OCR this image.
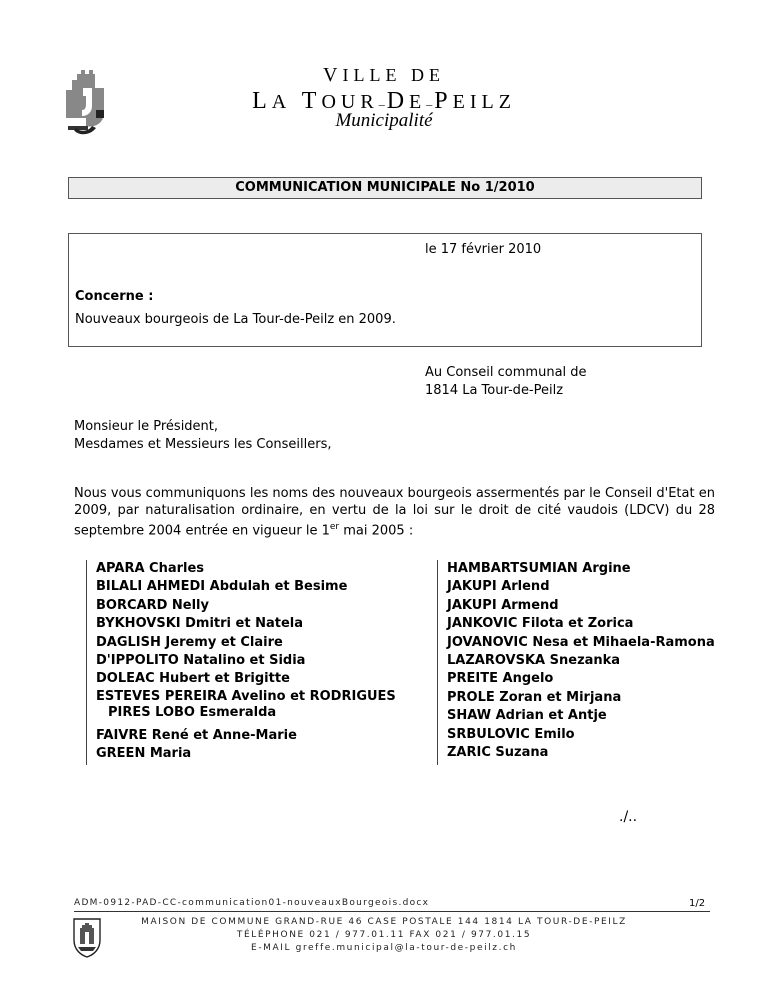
VILLE DE
LA TOUR–DE–PEILZ
Municipalité
COMMUNICATION MUNICIPALE No 1/2010
le 17 février 2010
Concerne :
Nouveaux bourgeois de La Tour-de-Peilz en 2009.
Au Conseil communal de
1814 La Tour-de-Peilz
Monsieur le Président,
Mesdames et Messieurs les Conseillers,
Nous vous communiquons les noms des nouveaux bourgeois assermentés par le Conseil d'Etat en 2009, par naturalisation ordinaire, en vertu de la loi sur le droit de cité vaudois (LDCV) du 28 septembre 2004 entrée en vigueur le 1er mai 2005 :
APARA Charles
BILALI AHMEDI Abdulah et Besime
BORCARD Nelly
BYKHOVSKI Dmitri et Natela
DAGLISH Jeremy et Claire
D'IPPOLITO Natalino et Sidia
DOLEAC Hubert et Brigitte
ESTEVES PEREIRA Avelino et RODRIGUES
PIRES LOBO Esmeralda
FAIVRE René et Anne-Marie
GREEN Maria
HAMBARTSUMIAN Argine
JAKUPI Arlend
JAKUPI Armend
JANKOVIC Filota et Zorica
JOVANOVIC Nesa et Mihaela-Ramona
LAZAROVSKA Snezanka
PREITE Angelo
PROLE Zoran et Mirjana
SHAW Adrian et Antje
SRBULOVIC Emilo
ZARIC Suzana
./..
ADM-0912-PAD-CC-communication01-nouveauxBourgeois.docx	1/2
MAISON DE COMMUNE GRAND-RUE 46 CASE POSTALE 144 1814 LA TOUR-DE-PEILZ
TÉLÉPHONE 021 / 977.01.11 FAX 021 / 977.01.15
E-MAIL greffe.municipal@la-tour-de-peilz.ch
